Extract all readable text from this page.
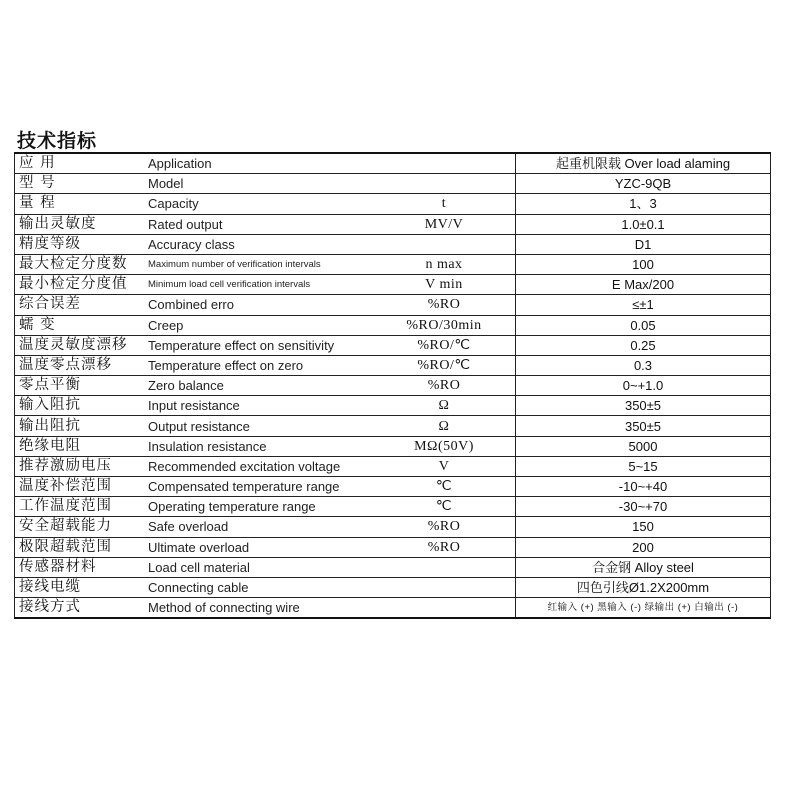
技术指标
应 用	Application		起重机限载 Over load alaming
型 号	Model		YZC-9QB
量 程	Capacity	t	1、3
输出灵敏度	Rated output	MV/V	1.0±0.1
精度等级	Accuracy class		D1
最大检定分度数	Maximum number of verification intervals	n max	100
最小检定分度值	Minimum load cell verification intervals	V min	E Max/200
综合误差	Combined erro	%RO	≤±1
蠕 变	Creep	%RO/30min	0.05
温度灵敏度漂移	Temperature effect on sensitivity	%RO/℃	0.25
温度零点漂移	Temperature effect on zero	%RO/℃	0.3
零点平衡	Zero balance	%RO	0~+1.0
输入阻抗	Input resistance	Ω	350±5
输出阻抗	Output resistance	Ω	350±5
绝缘电阻	Insulation resistance	MΩ(50V)	5000
推荐激励电压	Recommended excitation voltage	V	5~15
温度补偿范围	Compensated temperature range	℃	-10~+40
工作温度范围	Operating temperature range	℃	-30~+70
安全超载能力	Safe overload	%RO	150
极限超载范围	Ultimate overload	%RO	200
传感器材料	Load cell material		合金钢 Alloy steel
接线电缆	Connecting cable		四色引线Ø1.2X200mm
接线方式	Method of connecting wire		红输入 (+) 黑输入 (-) 绿输出 (+) 白输出 (-)
